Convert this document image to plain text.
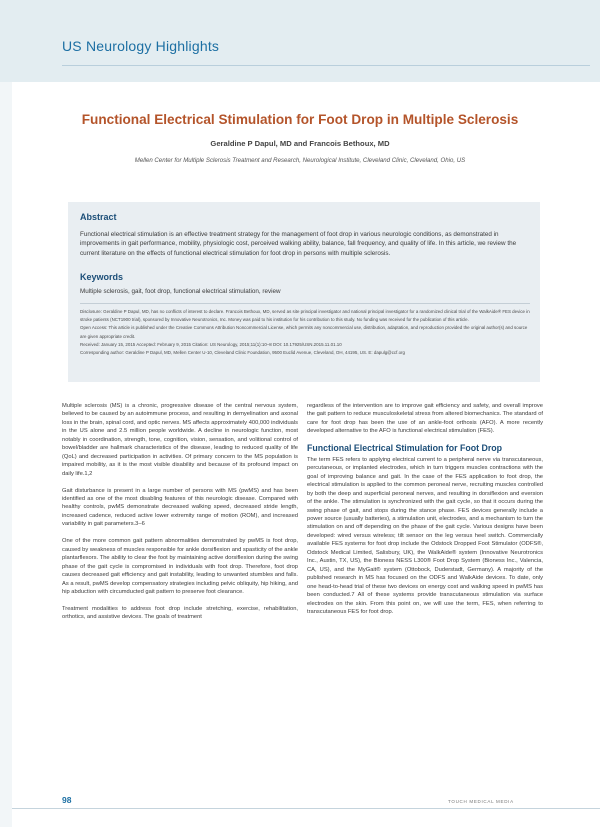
US Neurology Highlights
Functional Electrical Stimulation for Foot Drop in Multiple Sclerosis
Geraldine P Dapul, MD and Francois Bethoux, MD
Mellen Center for Multiple Sclerosis Treatment and Research, Neurological Institute, Cleveland Clinic, Cleveland, Ohio, US
Abstract
Functional electrical stimulation is an effective treatment strategy for the management of foot drop in various neurologic conditions, as demonstrated in improvements in gait performance, mobility, physiologic cost, perceived walking ability, balance, fall frequency, and quality of life. In this article, we review the current literature on the effects of functional electrical stimulation for foot drop in persons with multiple sclerosis.
Keywords
Multiple sclerosis, gait, foot drop, functional electrical stimulation, review

Disclosure: Geraldine P Dapul, MD, has no conflicts of interest to declare. Francois Bethoux, MD, served as site principal investigator and national principal investigator for a randomized clinical trial of the WalkAide® FES device in stroke patients (NCT1900 trial), sponsored by Innovative Neurotronics, Inc. Money was paid to his institution for his contribution to this study. No funding was received for the publication of this article.

Open Access: This article is published under the Creative Commons Attribution Noncommercial License, which permits any noncommercial use, distribution, adaptation, and reproduction provided the original author(s) and source are given appropriate credit.

Received: January 15, 2015 Accepted: February 9, 2015 Citation: US Neurology, 2015;11(1):10–8 DOI: 10.17925/USN.2015.11.01.10

Corresponding author: Geraldine P Dapul, MD, Mellen Center U-10, Cleveland Clinic Foundation, 9500 Euclid Avenue, Cleveland, OH, 44195, US. E: dapulg@ccf.org

Multiple sclerosis (MS) is a chronic, progressive disease of the central nervous system, believed to be caused by an autoimmune process, and resulting in demyelination and axonal loss in the brain, spinal cord, and optic nerves. MS affects approximately 400,000 individuals in the US alone and 2.5 million people worldwide. A decline in neurologic function, most notably in coordination, strength, tone, cognition, vision, sensation, and volitional control of bowel/bladder are hallmark characteristics of the disease, leading to reduced quality of life (QoL) and decreased participation in activities. Of primary concern to the MS population is impaired mobility, as it is the most visible disability and because of its profound impact on daily life.1,2

Gait disturbance is present in a large number of persons with MS (pwMS) and has been identified as one of the most disabling features of this neurologic disease. Compared with healthy controls, pwMS demonstrate decreased walking speed, decreased stride length, increased cadence, reduced active lower extremity range of motion (ROM), and increased variability in gait parameters.3–6

One of the more common gait pattern abnormalities demonstrated by pwMS is foot drop, caused by weakness of muscles responsible for ankle dorsiflexion and spasticity of the ankle plantarflexors. The ability to clear the foot by maintaining active dorsiflexion during the swing phase of the gait cycle is compromised in individuals with foot drop. Therefore, foot drop causes decreased gait efficiency and gait instability, leading to unwanted stumbles and falls. As a result, pwMS develop compensatory strategies including pelvic obliquity, hip hiking, and hip abduction with circumducted gait pattern to preserve foot clearance.

Treatment modalities to address foot drop include stretching, exercise, rehabilitation, orthotics, and assistive devices. The goals of treatment

regardless of the intervention are to improve gait efficiency and safety, and overall improve the gait pattern to reduce musculoskeletal stress from altered biomechanics. The standard of care for foot drop has been the use of an ankle-foot orthosis (AFO). A more recently developed alternative to the AFO is functional electrical stimulation (FES).

Functional Electrical Stimulation for Foot Drop

The term FES refers to applying electrical current to a peripheral nerve via transcutaneous, percutaneous, or implanted electrodes, which in turn triggers muscles contractions with the goal of improving balance and gait. In the case of the FES application to foot drop, the electrical stimulation is applied to the common peroneal nerve, recruiting muscles controlled by both the deep and superficial peroneal nerves, and resulting in dorsiflexion and eversion of the ankle. The stimulation is synchronized with the gait cycle, so that it occurs during the swing phase of gait, and stops during the stance phase. FES devices generally include a power source (usually batteries), a stimulation unit, electrodes, and a mechanism to turn the stimulation on and off depending on the phase of the gait cycle. Various designs have been developed: wired versus wireless; tilt sensor on the leg versus heel switch. Commercially available FES systems for foot drop include the Odstock Dropped Foot Stimulator (ODFS®, Odstock Medical Limited, Salisbury, UK), the WalkAide® system (Innovative Neurotronics Inc., Austin, TX, US), the Bioness NESS L300® Foot Drop System (Bioness Inc., Valencia, CA, US), and the MyGait® system (Ottobock, Duderstadt, Germany). A majority of the published research in MS has focused on the ODFS and WalkAide devices. To date, only one head-to-head trial of these two devices on energy cost and walking speed in pwMS has been conducted.7 All of these systems provide transcutaneous stimulation via surface electrodes on the skin. From this point on, we will use the term, FES, when referring to transcutaneous FES for foot drop.

98	TOUCH MEDICAL MEDIA
